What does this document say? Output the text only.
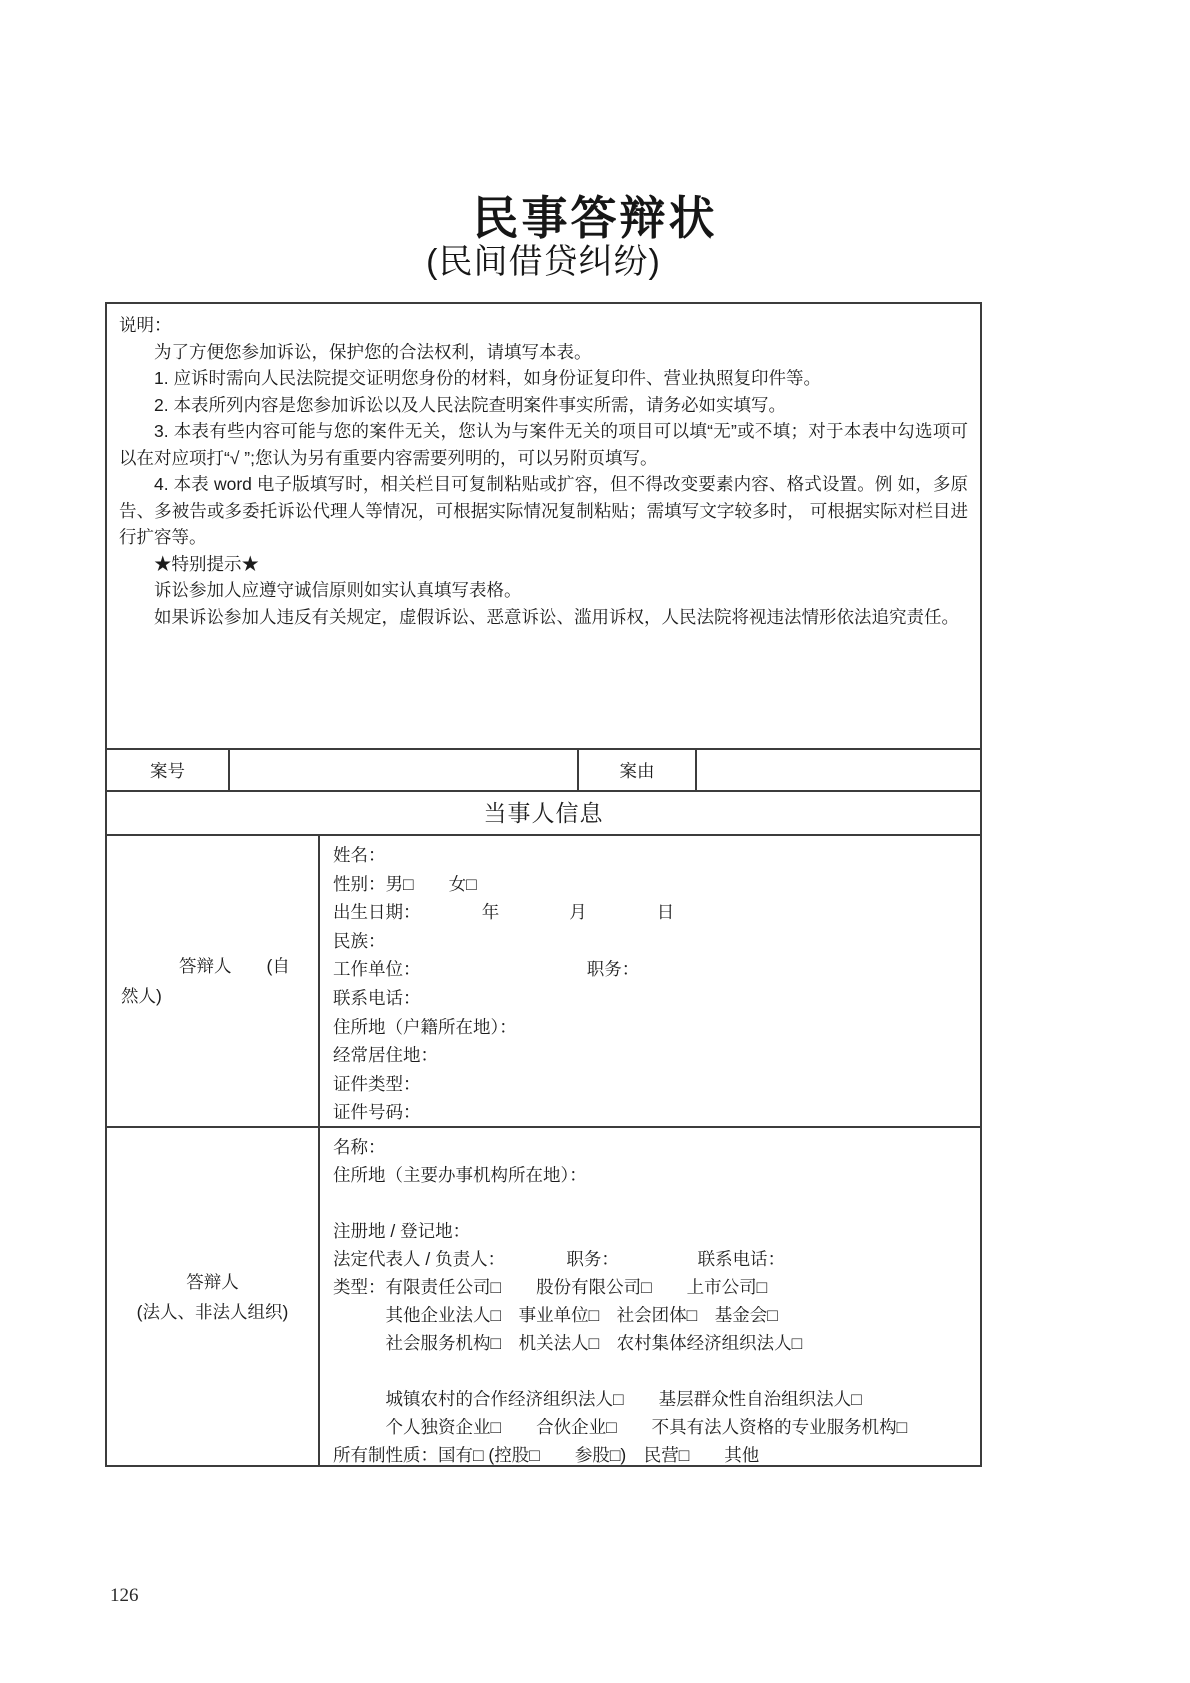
民事答辩状
(民间借贷纠纷)
说明：
为了方便您参加诉讼，保护您的合法权利，请填写本表。
1. 应诉时需向人民法院提交证明您身份的材料，如身份证复印件、营业执照复印件等。
2. 本表所列内容是您参加诉讼以及人民法院查明案件事实所需，请务必如实填写。
3. 本表有些内容可能与您的案件无关，您认为与案件无关的项目可以填“无”或不填；对于本表中勾选项可以在对应项打“√ ”;您认为另有重要内容需要列明的，可以另附页填写。
4. 本表 word 电子版填写时，相关栏目可复制粘贴或扩容，但不得改变要素内容、格式设置。例 如，多原告、多被告或多委托诉讼代理人等情况，可根据实际情况复制粘贴；需填写文字较多时， 可根据实际对栏目进行扩容等。
★特别提示★
诉讼参加人应遵守诚信原则如实认真填写表格。
如果诉讼参加人违反有关规定，虚假诉讼、恶意诉讼、滥用诉权，人民法院将视违法情形依法追究责任。
案号
	案由

当事人信息
答辩人　　(自
然人)
姓名：
性别：男□　　女□
出生日期：　　　　年　　　　月　　　　日
民族：
工作单位：　　　　　　　　　　职务：
联系电话：
住所地（户籍所在地）：
经常居住地：
证件类型：
证件号码：
答辩人
(法人、非法人组织)
名称：
住所地（主要办事机构所在地）：

注册地 / 登记地：
法定代表人 / 负责人：　　　　职务：　　　　　联系电话：
类型：有限责任公司□　　股份有限公司□　　上市公司□
　　　其他企业法人□　事业单位□　社会团体□　基金会□
　　　社会服务机构□　机关法人□　农村集体经济组织法人□

　　　城镇农村的合作经济组织法人□　　基层群众性自治组织法人□
　　　个人独资企业□　　合伙企业□　　不具有法人资格的专业服务机构□
所有制性质：国有□ (控股□　　参股□)　民营□　　其他
126
